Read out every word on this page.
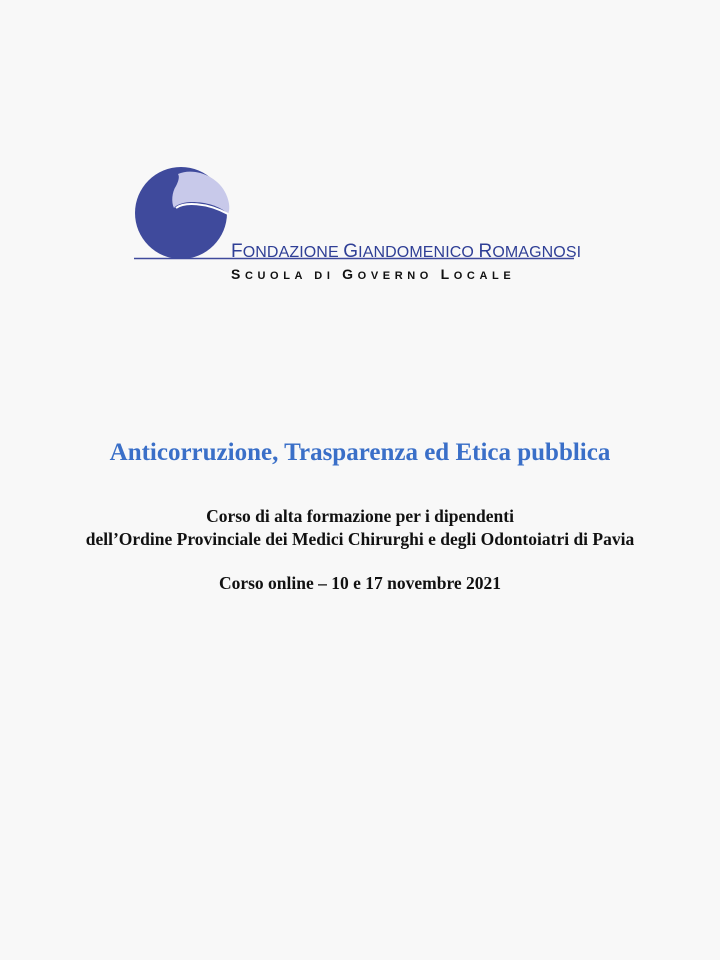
FONDAZIONE GIANDOMENICO ROMAGNOSI
SCUOLA DI GOVERNO LOCALE
Anticorruzione, Trasparenza ed Etica pubblica
Corso di alta formazione per i dipendenti
dell’Ordine Provinciale dei Medici Chirurghi e degli Odontoiatri di Pavia
Corso online – 10 e 17 novembre 2021
